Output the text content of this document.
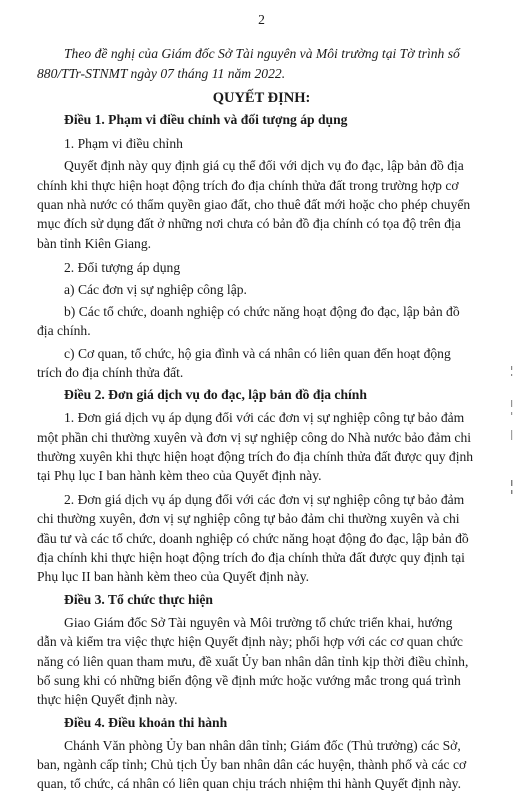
2
Theo đề nghị của Giám đốc Sở Tài nguyên và Môi trường tại Tờ trình số
880/TTr-STNMT ngày 07 tháng 11 năm 2022.
QUYẾT ĐỊNH:
Điều 1. Phạm vi điều chỉnh và đối tượng áp dụng
1. Phạm vi điều chỉnh
Quyết định này quy định giá cụ thể đối với dịch vụ đo đạc, lập bản đồ địa
chính khi thực hiện hoạt động trích đo địa chính thửa đất trong trường hợp cơ
quan nhà nước có thẩm quyền giao đất, cho thuê đất mới hoặc cho phép chuyển
mục đích sử dụng đất ở những nơi chưa có bản đồ địa chính có tọa độ trên địa
bàn tỉnh Kiên Giang.
2. Đối tượng áp dụng
a) Các đơn vị sự nghiệp công lập.
b) Các tổ chức, doanh nghiệp có chức năng hoạt động đo đạc, lập bản đồ
địa chính.
c) Cơ quan, tổ chức, hộ gia đình và cá nhân có liên quan đến hoạt động
trích đo địa chính thửa đất.
Điều 2. Đơn giá dịch vụ đo đạc, lập bản đồ địa chính
1. Đơn giá dịch vụ áp dụng đối với các đơn vị sự nghiệp công tự bảo đảm
một phần chi thường xuyên và đơn vị sự nghiệp công do Nhà nước bảo đảm chi
thường xuyên khi thực hiện hoạt động trích đo địa chính thửa đất được quy định
tại Phụ lục I ban hành kèm theo của Quyết định này.
2. Đơn giá dịch vụ áp dụng đối với các đơn vị sự nghiệp công tự bảo đảm
chi thường xuyên, đơn vị sự nghiệp công tự bảo đảm chi thường xuyên và chi
đầu tư và các tổ chức, doanh nghiệp có chức năng hoạt động đo đạc, lập bản đồ
địa chính khi thực hiện hoạt động trích đo địa chính thửa đất được quy định tại
Phụ lục II ban hành kèm theo của Quyết định này.
Điều 3. Tổ chức thực hiện
Giao Giám đốc Sở Tài nguyên và Môi trường tổ chức triển khai, hướng
dẫn và kiểm tra việc thực hiện Quyết định này; phối hợp với các cơ quan chức
năng có liên quan tham mưu, đề xuất Ủy ban nhân dân tỉnh kịp thời điều chỉnh,
bổ sung khi có những biến động về định mức hoặc vướng mắc trong quá trình
thực hiện Quyết định này.
Điều 4. Điều khoản thi hành
Chánh Văn phòng Ủy ban nhân dân tỉnh; Giám đốc (Thủ trưởng) các Sở,
ban, ngành cấp tỉnh; Chủ tịch Ủy ban nhân dân các huyện, thành phố và các cơ
quan, tổ chức, cá nhân có liên quan chịu trách nhiệm thi hành Quyết định này.
